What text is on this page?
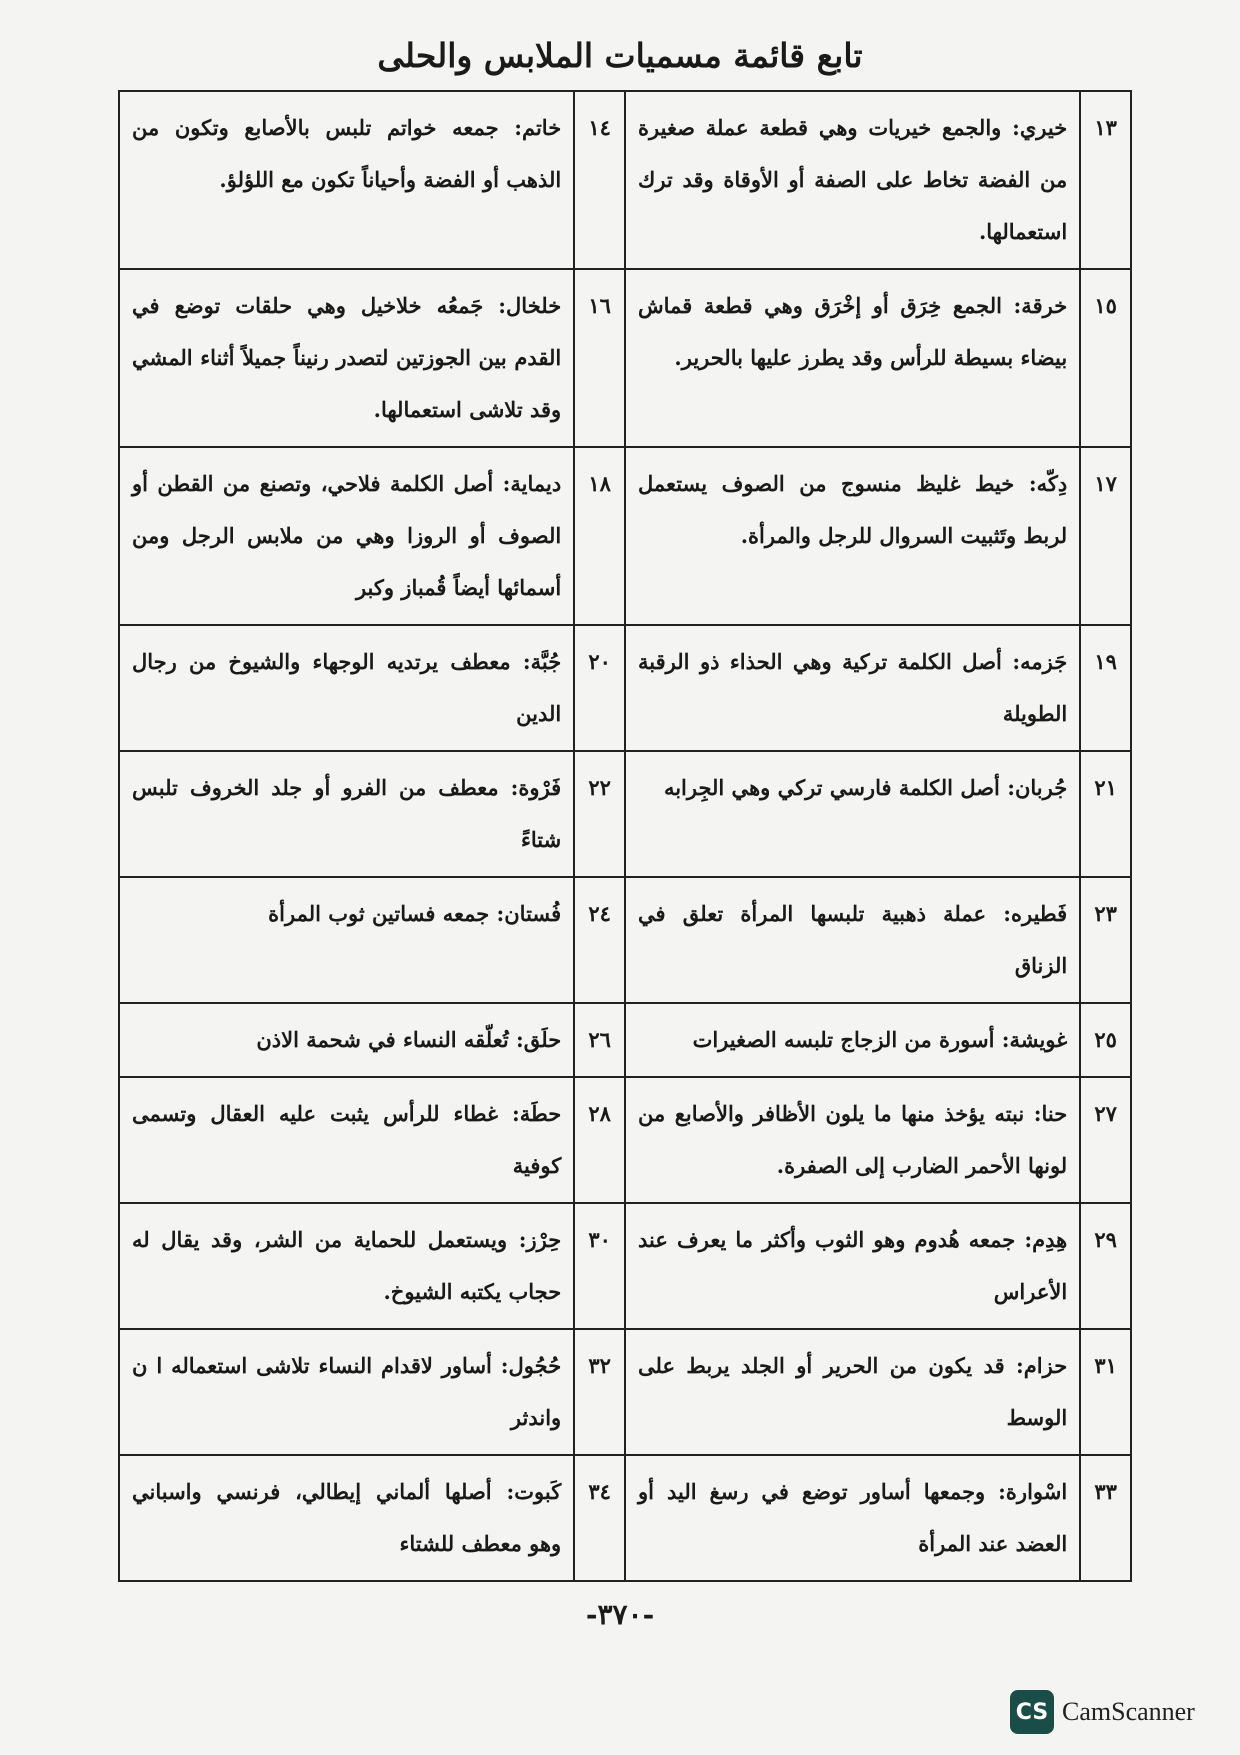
تابع قائمة مسميات الملابس والحلى
١٣	خيري: والجمع خيريات وهي قطعة عملة صغيرة من الفضة تخاط على الصفة أو الأوقاة وقد ترك استعمالها.	١٤	خاتم: جمعه خواتم تلبس بالأصابع وتكون من الذهب أو الفضة وأحياناً تكون مع اللؤلؤ.
١٥	خرقة: الجمع خِرَق أو إخْرَق وهي قطعة قماش بيضاء بسيطة للرأس وقد يطرز عليها بالحرير.	١٦	خلخال: جَمعُه خلاخيل وهي حلقات توضع في القدم بين الجوزتين لتصدر رنيناً جميلاً أثناء المشي وقد تلاشى استعمالها.
١٧	دِكّه: خيط غليظ منسوج من الصوف يستعمل لربط وتَثبيت السروال للرجل والمرأة.	١٨	ديماية: أصل الكلمة فلاحي، وتصنع من القطن أو الصوف أو الروزا وهي من ملابس الرجل ومن أسمائها أيضاً قُمباز وكبر
١٩	جَزمه: أصل الكلمة تركية وهي الحذاء ذو الرقبة الطويلة	٢٠	جُبَّة: معطف يرتديه الوجهاء والشيوخ من رجال الدين
٢١	جُربان: أصل الكلمة فارسي تركي وهي الجِرابه	٢٢	فَرْوة: معطف من الفرو أو جلد الخروف تلبس شتاءً
٢٣	فَطيره: عملة ذهبية تلبسها المرأة تعلق في الزناق	٢٤	فُستان: جمعه فساتين ثوب المرأة
٢٥	غويشة: أسورة من الزجاج تلبسه الصغيرات	٢٦	حلَق: تُعلّقه النساء في شحمة الاذن
٢٧	حنا: نبته يؤخذ منها ما يلون الأظافر والأصابع من لونها الأحمر الضارب إلى الصفرة.	٢٨	حطَة: غطاء للرأس يثبت عليه العقال وتسمى كوفية
٢٩	هِدِم: جمعه هُدوم وهو الثوب وأكثر ما يعرف عند الأعراس	٣٠	حِرْز: ويستعمل للحماية من الشر، وقد يقال له حجاب يكتبه الشيوخ.
٣١	حزام: قد يكون من الحرير أو الجلد يربط على الوسط	٣٢	حُجُول: أساور لاقدام النساء تلاشى استعماله ا ن واندثر
٣٣	اسْوارة: وجمعها أساور توضع في رسغ اليد أو العضد عند المرأة	٣٤	كَبوت: أصلها ألماني إيطالي، فرنسي واسباني وهو معطف للشتاء
-٣٧٠-
CS CamScanner
